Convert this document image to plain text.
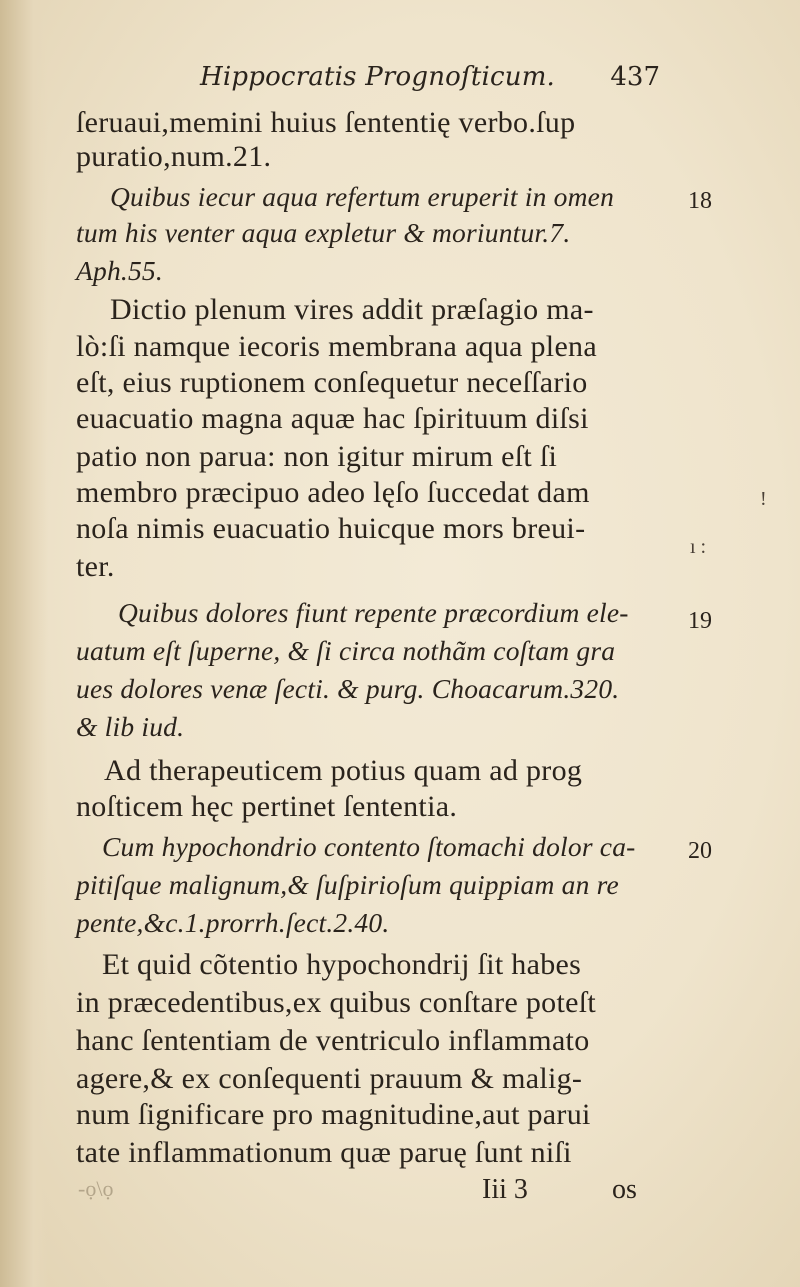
Hippocratis Prognoſticum. 437
ſeruaui,memini huius ſententię verbo.ſup
puratio,num.21.
Quibus iecur aqua refertum eruperit in omen
tum his venter aqua expletur & moriuntur.7.
Aph.55.
Dictio plenum vires addit præſagio ma-
lò:ſi namque iecoris membrana aqua plena
eſt, eius ruptionem conſequetur neceſſario
euacuatio magna aquæ hac ſpirituum diſsi
patio non parua: non igitur mirum eſt ſi
membro præcipuo adeo lęſo ſuccedat dam
noſa nimis euacuatio huicque mors breui-
ter.
Quibus dolores fiunt repente præcordium ele-
uatum eſt ſuperne, & ſi circa nothãm coſtam gra
ues dolores venæ ſecti. & purg. Choacarum.320.
& lib iud.
Ad therapeuticem potius quam ad prog
noſticem hęc pertinet ſententia.
Cum hypochondrio contento ſtomachi dolor ca-
pitiſque malignum,& ſuſpirioſum quippiam an re
pente,&c.1.prorrh.ſect.2.40.
Et quid cõtentio hypochondrij ſit habes
in præcedentibus,ex quibus conſtare poteſt
hanc ſententiam de ventriculo inflammato
agere,& ex conſequenti prauum & malig-
num ſignificare pro magnitudine,aut parui
tate inflammationum quæ paruę ſunt niſi
18
19
20
!
ı :
-ọ\ọ	Iii 3	os
